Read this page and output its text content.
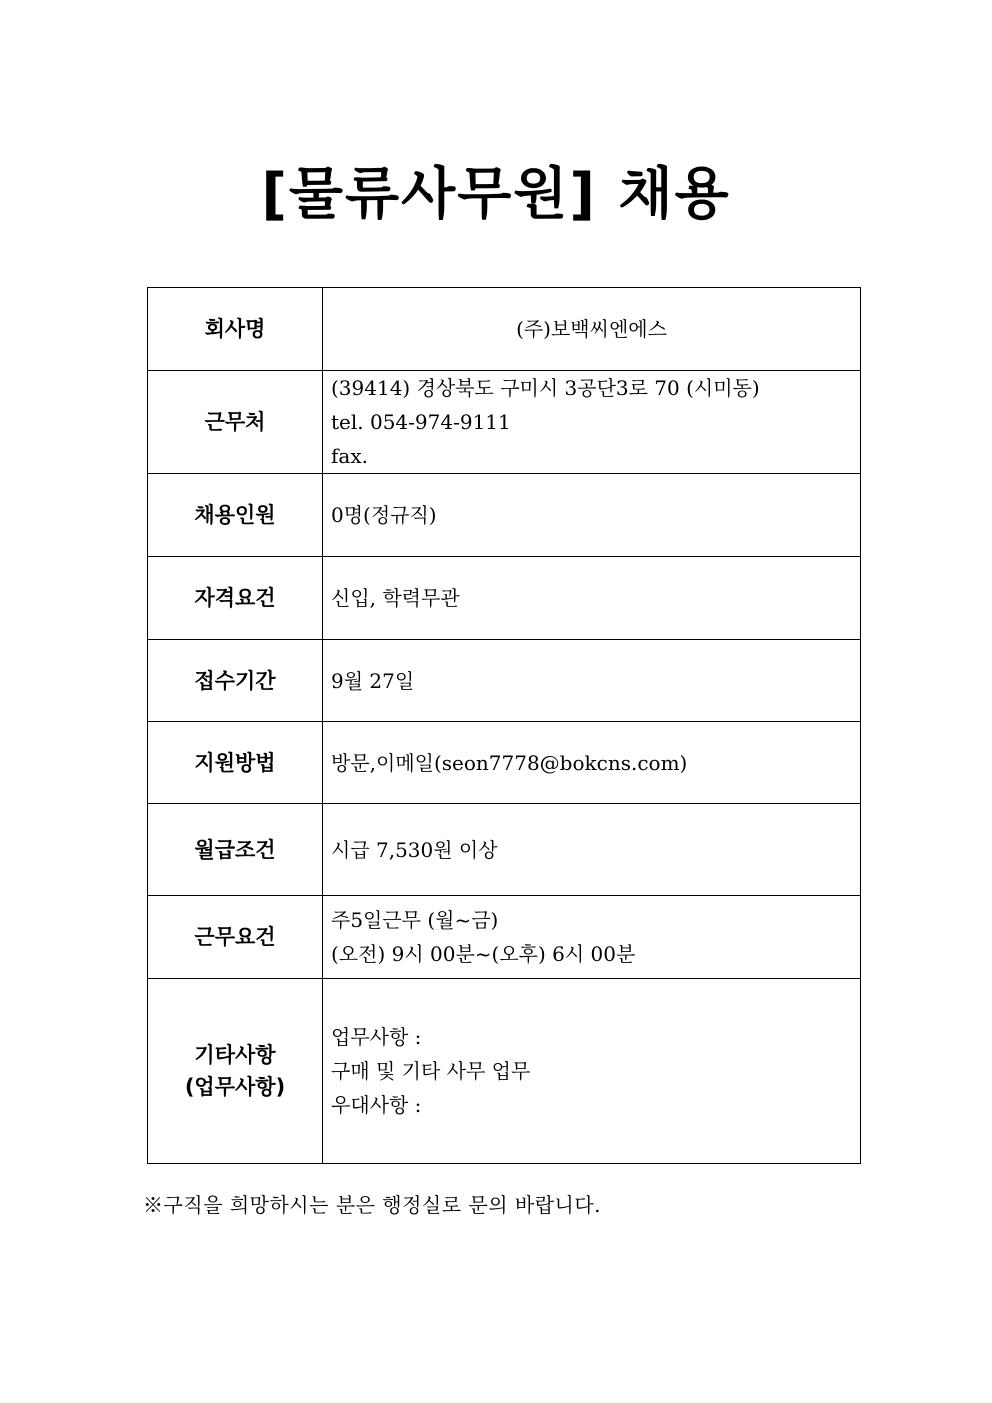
[물류사무원] 채용
회사명	(주)보백씨엔에스

근무처	(39414) 경상북도 구미시 3공단3로 70 (시미동)
tel. 054-974-9111
fax.

채용인원	0명(정규직)

자격요건	신입, 학력무관

접수기간	9월 27일

지원방법	방문,이메일(seon7778@bokcns.com)

월급조건	시급 7,530원 이상

근무요건	주5일근무 (월~금)
(오전) 9시 00분~(오후) 6시 00분

기타사항
(업무사항)	업무사항 :
구매 및 기타 사무 업무
우대사항 :
※구직을 희망하시는 분은 행정실로 문의 바랍니다.
